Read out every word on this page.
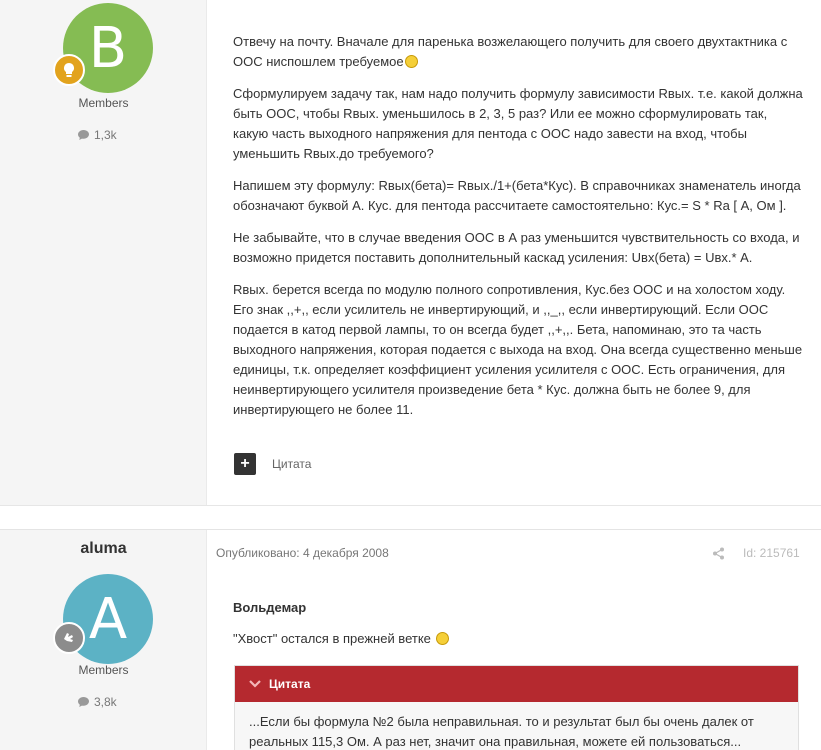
B
Members
1,3k

Отвечу на почту. Вначале для паренька возжелающего получить для своего двухтактника с ООС ниспошлем требуемое

Сформулируем задачу так, нам надо получить формулу зависимости Rвых. т.е. какой должна быть ООС, чтобы Rвых. уменьшилось в 2, 3, 5 раз? Или ее можно сформулировать так, какую часть выходного напряжения для пентода с ООС надо завести на вход, чтобы уменьшить Rвых.до требуемого?

Напишем эту формулу: Rвых(бета)= Rвых./1+(бета*Кус). В справочниках знаменатель иногда обозначают буквой А. Кус. для пентода рассчитаете самостоятельно: Кус.= S * Ra [ А, Ом ].

Не забывайте, что в случае введения ООС в А раз уменьшится чувствительность со входа, и возможно придется поставить дополнительный каскад усиления: Uвх(бета) = Uвх.* А.

Rвых. берется всегда по модулю полного сопротивления, Кус.без ООС и на холостом ходу. Его знак ,,+,, если усилитель не инвертирующий, и ,,_,, если инвертирующий. Если ООС подается в катод первой лампы, то он всегда будет ,,+,,. Бета, напоминаю, это та часть выходного напряжения, которая подается с выхода на вход. Она всегда существенно меньше единицы, т.к. определяет коэффициент усиления усилителя с ООС. Есть ограничения, для неинвертирующего усилителя произведение бета * Кус. должна быть не более 9, для инвертирующего не более 11.

+	Цитата
aluma
A
Members
3,8k
Опубликовано: 4 декабря 2008	Id: 215761
Вольдемар
"Хвост" остался в прежней ветке
Цитата
...Если бы формула №2 была неправильная. то и результат был бы очень далек от реальных 115,3 Ом. А раз нет, значит она правильная, можете ей пользоваться...
